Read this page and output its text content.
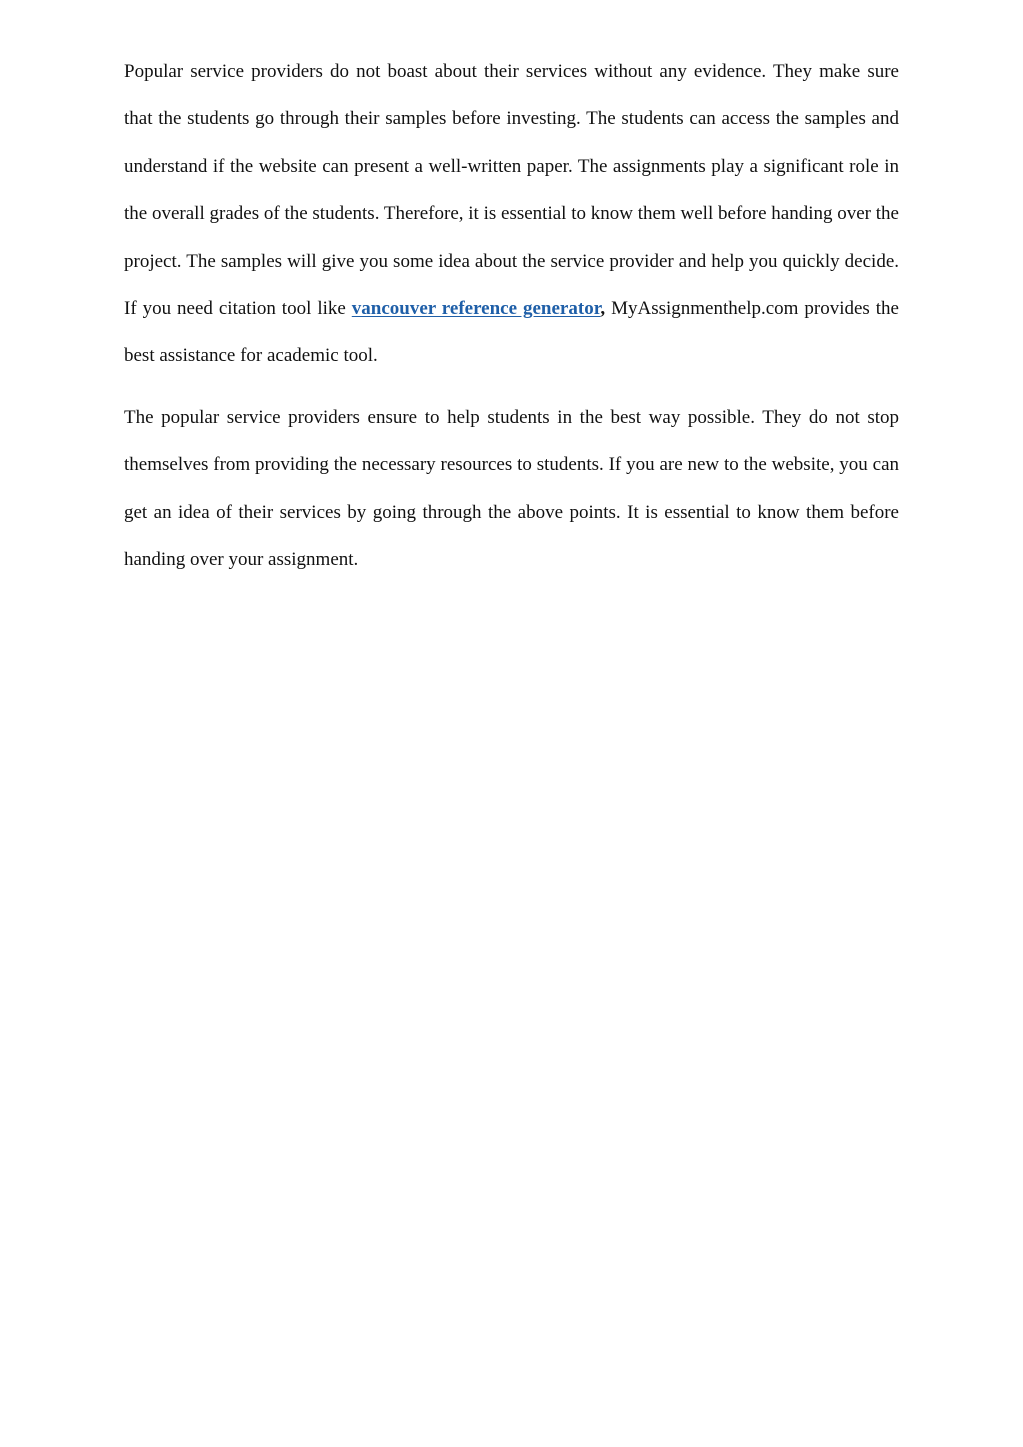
Popular service providers do not boast about their services without any evidence. They make sure that the students go through their samples before investing. The students can access the samples and understand if the website can present a well-written paper. The assignments play a significant role in the overall grades of the students. Therefore, it is essential to know them well before handing over the project. The samples will give you some idea about the service provider and help you quickly decide. If you need citation tool like vancouver reference generator, MyAssignmenthelp.com provides the best assistance for academic tool.

The popular service providers ensure to help students in the best way possible. They do not stop themselves from providing the necessary resources to students. If you are new to the website, you can get an idea of their services by going through the above points. It is essential to know them before handing over your assignment.
